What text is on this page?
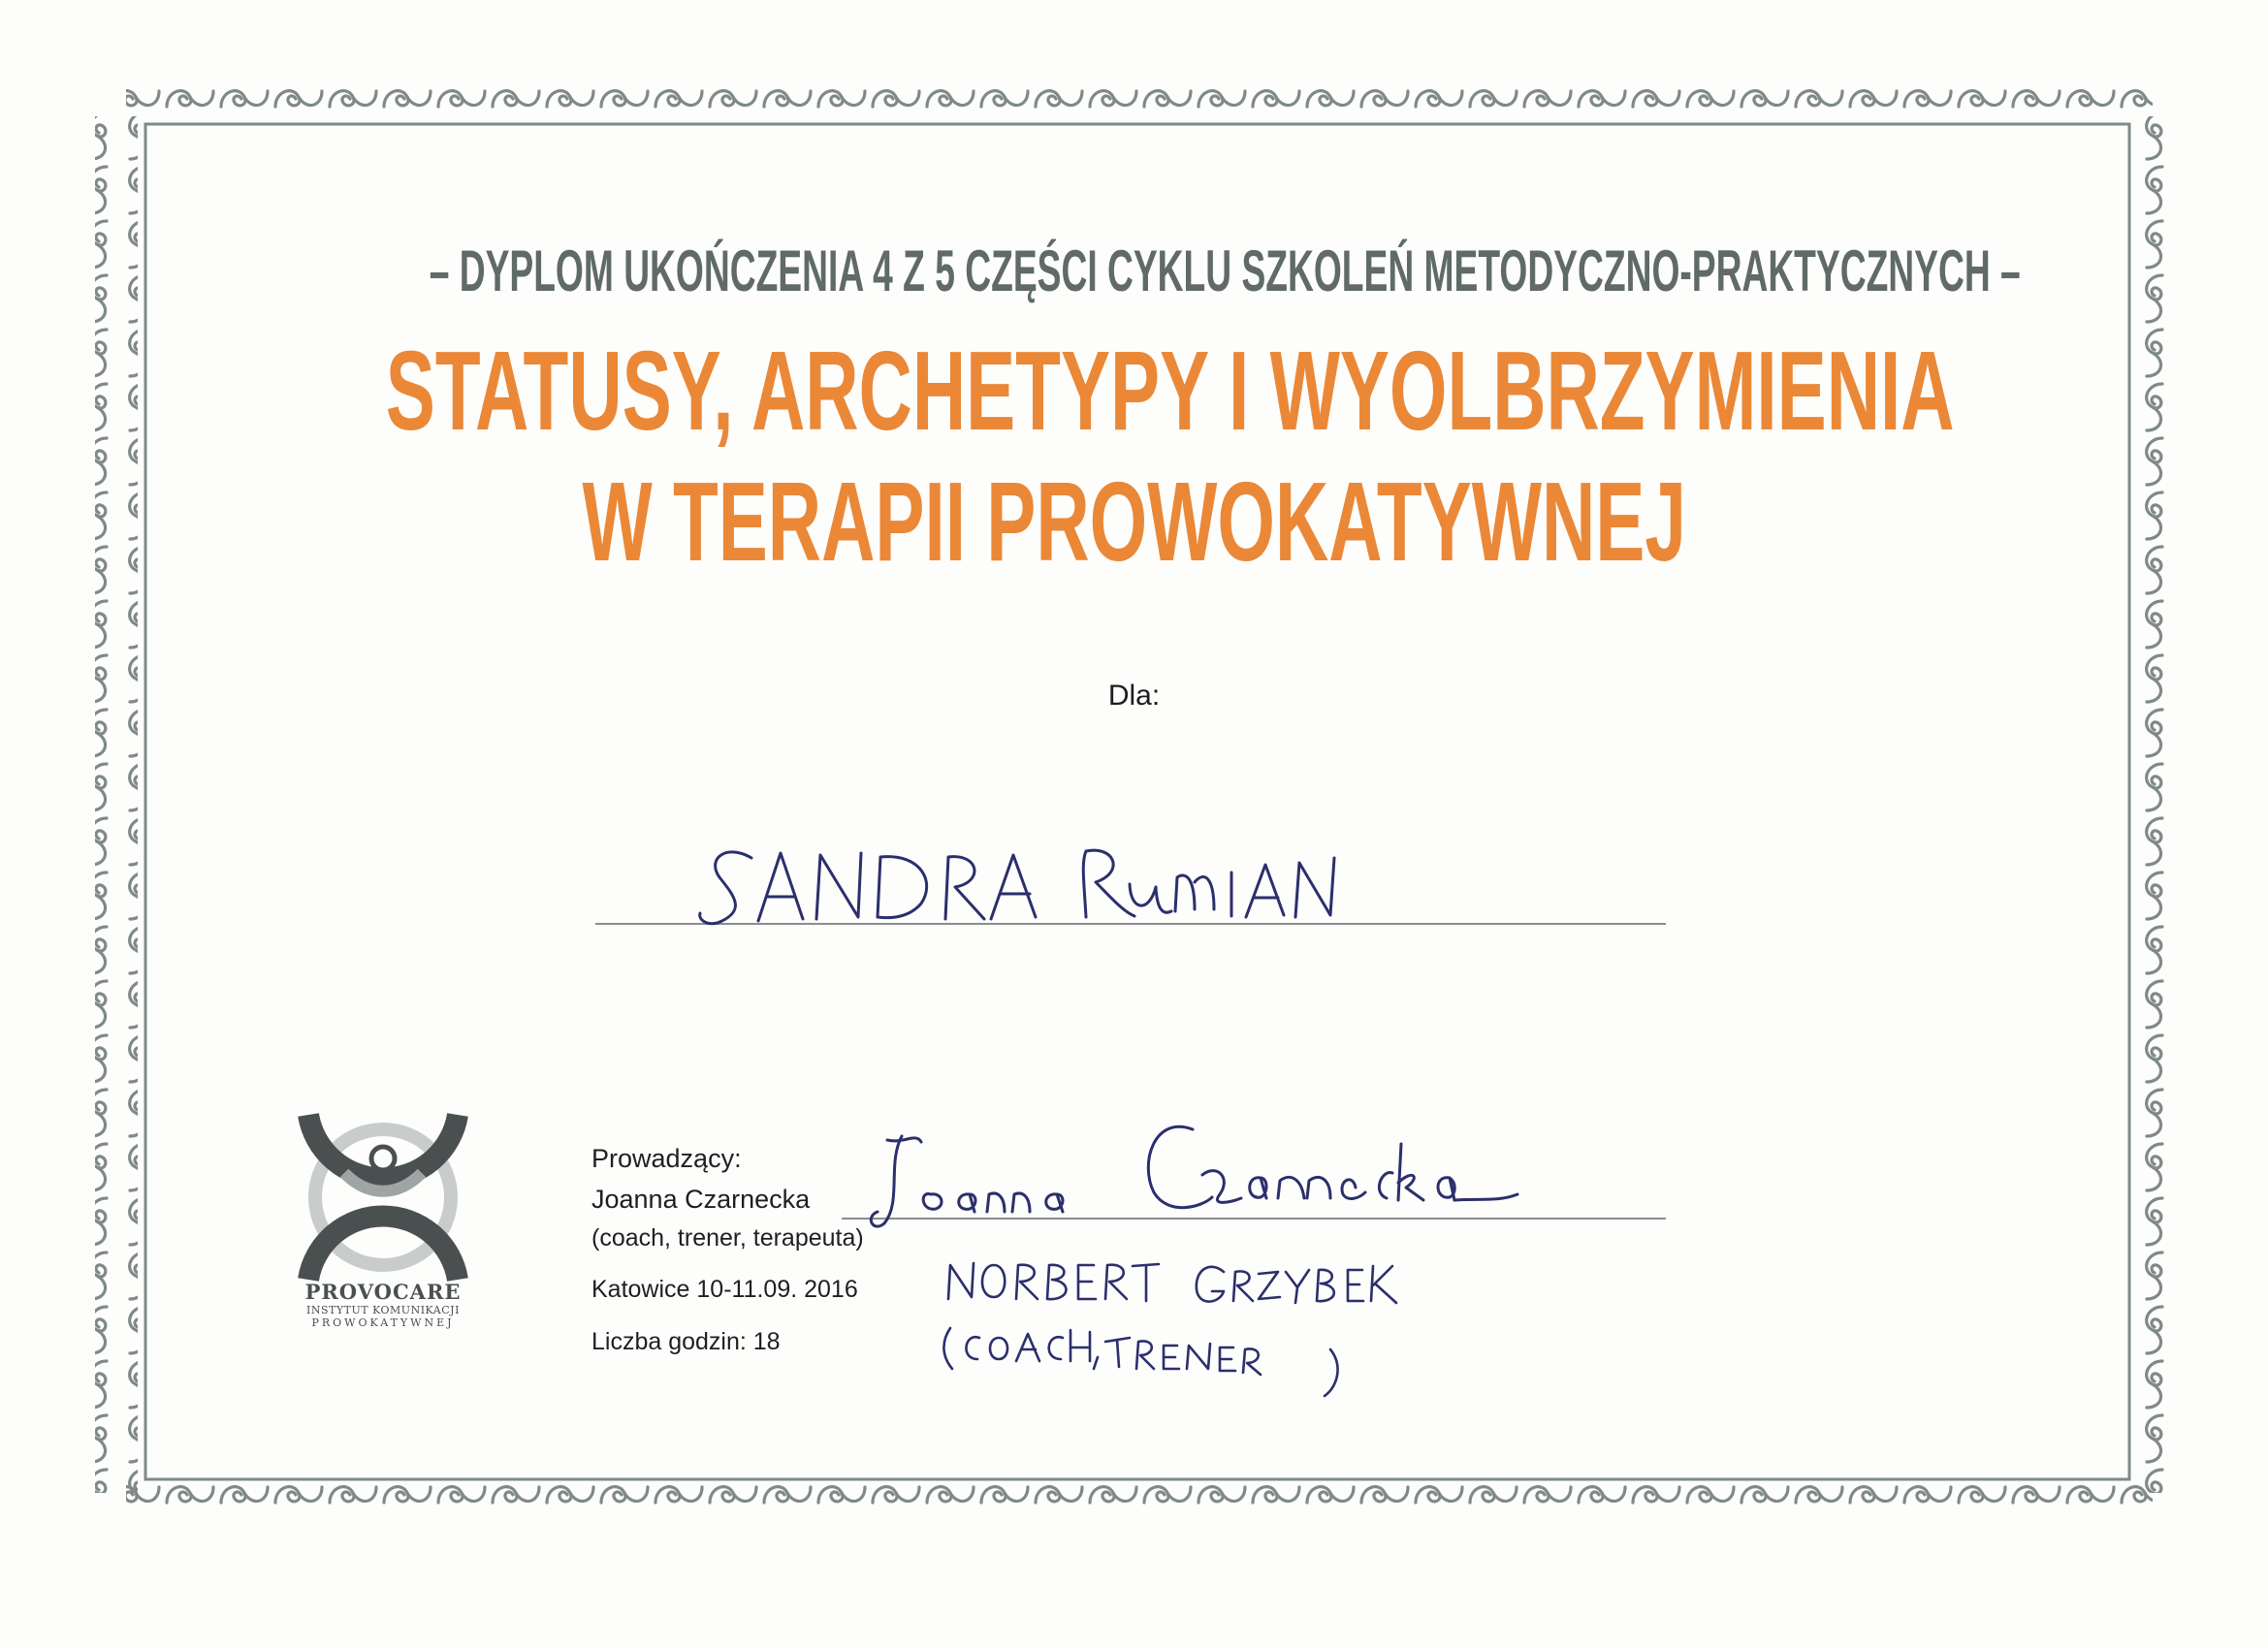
– DYPLOM UKOŃCZENIA 4 Z 5 CZĘŚCI CYKLU SZKOLEŃ METODYCZNO-PRAKTYCZNYCH –
STATUSY, ARCHETYPY I WYOLBRZYMIENIA
W TERAPII PROWOKATYWNEJ
Dla:
Prowadzący:
Joanna Czarnecka
(coach, trener, terapeuta)
Katowice 10-11.09. 2016
Liczba godzin: 18
PROVOCARE
INSTYTUT KOMUNIKACJI
PROWOKATYWNEJ
